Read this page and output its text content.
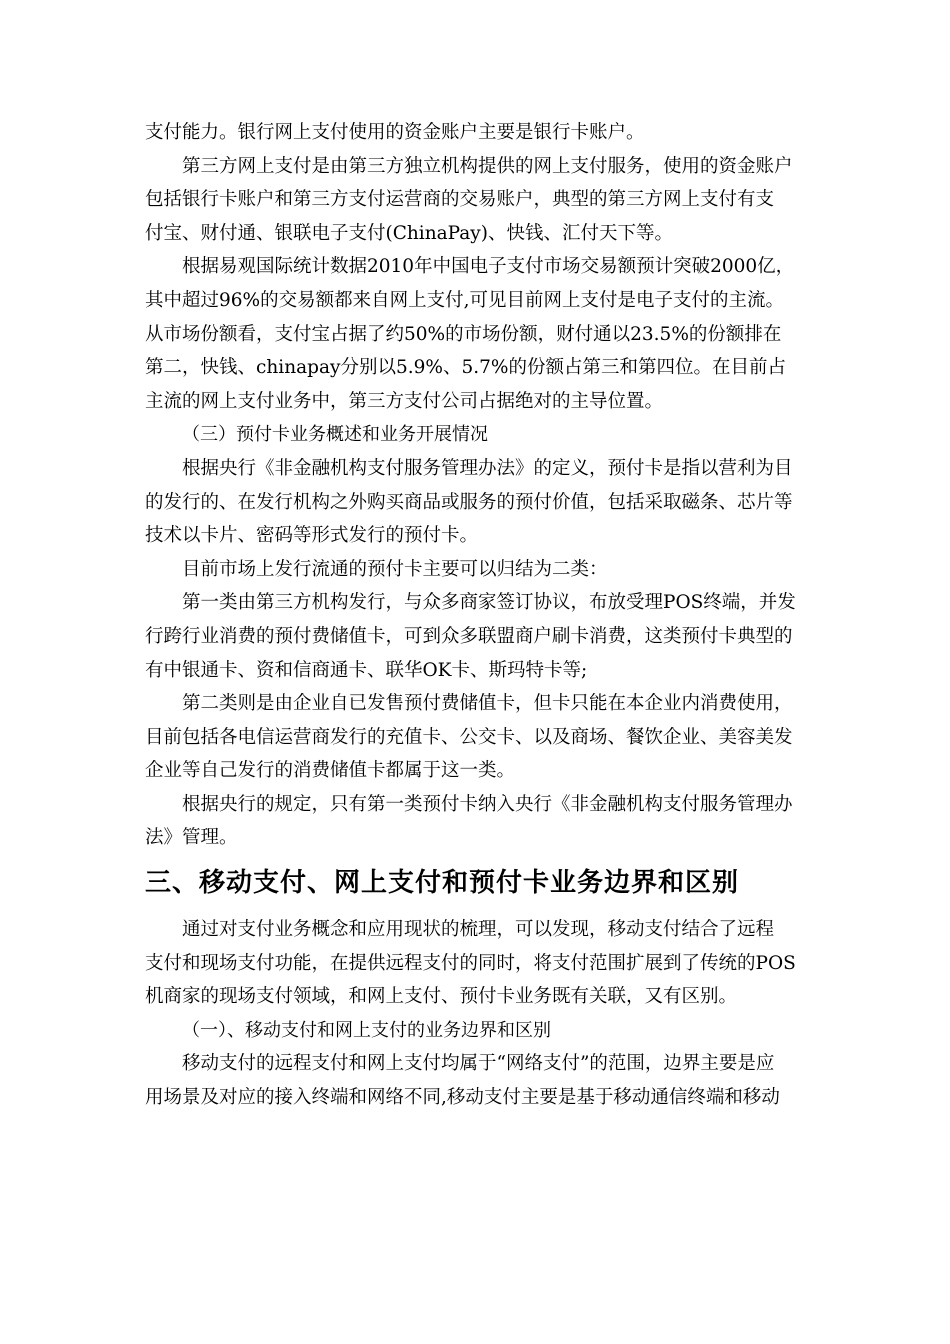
支付能力。银行网上支付使用的资金账户主要是银行卡账户。

第三方网上支付是由第三方独立机构提供的网上支付服务，使用的资金账户

包括银行卡账户和第三方支付运营商的交易账户，典型的第三方网上支付有支
付宝、财付通、银联电子支付(ChinaPay)、快钱、汇付天下等。

根据易观国际统计数据2010年中国电子支付市场交易额预计突破2000亿，

其中超过96%的交易额都来自网上支付,可见目前网上支付是电子支付的主流。
从市场份额看，支付宝占据了约50%的市场份额，财付通以23.5%的份额排在
第二，快钱、chinapay分别以5.9%、5.7%的份额占第三和第四位。在目前占
主流的网上支付业务中，第三方支付公司占据绝对的主导位置。

（三）预付卡业务概述和业务开展情况

根据央行《非金融机构支付服务管理办法》的定义，预付卡是指以营利为目

的发行的、在发行机构之外购买商品或服务的预付价值，包括采取磁条、芯片等
技术以卡片、密码等形式发行的预付卡。

目前市场上发行流通的预付卡主要可以归结为二类：

第一类由第三方机构发行，与众多商家签订协议，布放受理POS终端，并发

行跨行业消费的预付费储值卡，可到众多联盟商户刷卡消费，这类预付卡典型的
有中银通卡、资和信商通卡、联华OK卡、斯玛特卡等;

第二类则是由企业自已发售预付费储值卡，但卡只能在本企业内消费使用，

目前包括各电信运营商发行的充值卡、公交卡、以及商场、餐饮企业、美容美发
企业等自己发行的消费储值卡都属于这一类。

根据央行的规定，只有第一类预付卡纳入央行《非金融机构支付服务管理办

法》管理。

三、移动支付、网上支付和预付卡业务边界和区别

通过对支付业务概念和应用现状的梳理，可以发现，移动支付结合了远程

支付和现场支付功能，在提供远程支付的同时，将支付范围扩展到了传统的POS
机商家的现场支付领域，和网上支付、预付卡业务既有关联，又有区别。

（一）、移动支付和网上支付的业务边界和区别

移动支付的远程支付和网上支付均属于“网络支付”的范围，边界主要是应

用场景及对应的接入终端和网络不同,移动支付主要是基于移动通信终端和移动
